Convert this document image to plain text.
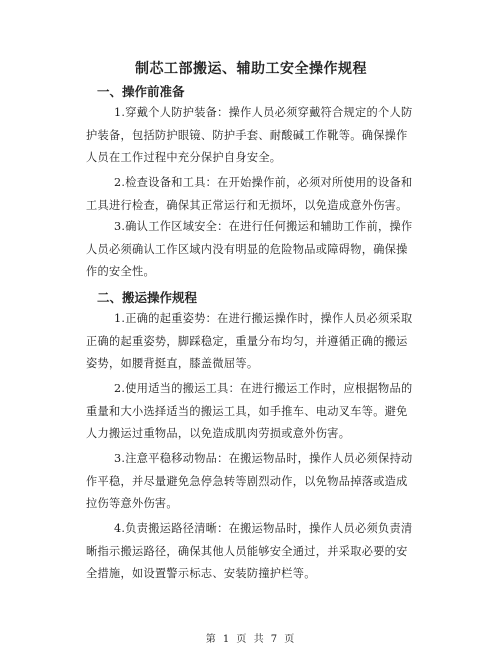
制芯工部搬运、辅助工安全操作规程
一、操作前准备

1.穿戴个人防护装备：操作人员必须穿戴符合规定的个人防护装备，包括防护眼镜、防护手套、耐酸碱工作靴等。确保操作人员在工作过程中充分保护自身安全。

2.检查设备和工具：在开始操作前，必须对所使用的设备和工具进行检查，确保其正常运行和无损坏，以免造成意外伤害。

3.确认工作区域安全：在进行任何搬运和辅助工作前，操作人员必须确认工作区域内没有明显的危险物品或障碍物，确保操作的安全性。

二、搬运操作规程

1.正确的起重姿势：在进行搬运操作时，操作人员必须采取正确的起重姿势，脚踩稳定，重量分布均匀，并遵循正确的搬运姿势，如腰背挺直，膝盖微屈等。

2.使用适当的搬运工具：在进行搬运工作时，应根据物品的重量和大小选择适当的搬运工具，如手推车、电动叉车等。避免人力搬运过重物品，以免造成肌肉劳损或意外伤害。

3.注意平稳移动物品：在搬运物品时，操作人员必须保持动作平稳，并尽量避免急停急转等剧烈动作，以免物品掉落或造成拉伤等意外伤害。

4.负责搬运路径清晰：在搬运物品时，操作人员必须负责清晰指示搬运路径，确保其他人员能够安全通过，并采取必要的安全措施，如设置警示标志、安装防撞护栏等。

第 1 页 共 7 页
